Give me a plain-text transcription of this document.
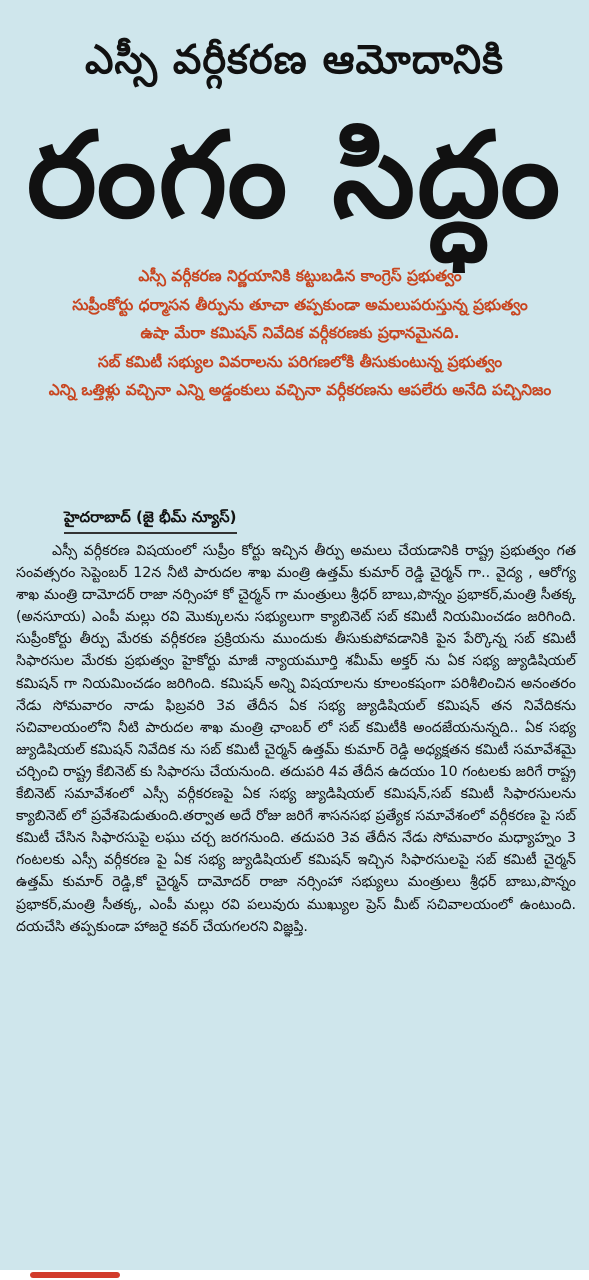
ఎస్సీ వర్గీకరణ ఆమోదానికి
రంగం సిద్ధం
ఎస్సీ వర్గీకరణ నిర్ణయానికి కట్టుబడిన కాంగ్రెస్ ప్రభుత్వం
సుప్రీంకోర్టు ధర్మాసన తీర్పును తూచా తప్పకుండా అమలుపరుస్తున్న ప్రభుత్వం
ఉషా మేరా కమిషన్ నివేదిక వర్గీకరణకు ప్రధానమైనది.
సబ్ కమిటీ సభ్యుల వివరాలను పరిగణలోకి తీసుకుంటున్న ప్రభుత్వం
ఎన్ని ఒత్తిళ్లు వచ్చినా ఎన్ని అడ్డంకులు వచ్చినా వర్గీకరణను ఆపలేరు అనేది పచ్చినిజం
హైదరాబాద్ (జై భీమ్ న్యూస్)
ఎస్సీ వర్గీకరణ విషయంలో సుప్రీం కోర్టు ఇచ్చిన తీర్పు అమలు చేయడానికి రాష్ట్ర ప్రభుత్వం గత సంవత్సరం సెప్టెంబర్ 12న నీటి పారుదల శాఖ మంత్రి ఉత్తమ్ కుమార్ రెడ్డి చైర్మన్ గా.. వైద్య , ఆరోగ్య శాఖ మంత్రి దామోదర్ రాజా నర్సింహా కో చైర్మన్ గా మంత్రులు శ్రీధర్ బాబు,పొన్నం ప్రభాకర్,మంత్రి సీతక్క (అనసూయ) ఎంపీ మల్లు రవి మొక్కులను సభ్యులుగా క్యాబినెట్ సబ్ కమిటీ నియమించడం జరిగింది. సుప్రీంకోర్టు తీర్పు మేరకు వర్గీకరణ ప్రక్రియను ముందుకు తీసుకుపోవడానికి పైన పేర్కొన్న సబ్ కమిటీ సిఫారసుల మేరకు ప్రభుత్వం హైకోర్టు మాజీ న్యాయమూర్తి శమీమ్ అక్తర్ ను ఏక సభ్య జ్యుడిషియల్ కమిషన్ గా నియమించడం జరిగింది. కమిషన్ అన్ని విషయాలను కూలంకషంగా పరిశీలించిన అనంతరం నేడు సోమవారం నాడు ఫిబ్రవరి 3వ తేదీన ఏక సభ్య జ్యుడిషియల్ కమిషన్ తన నివేదికను సచివాలయంలోని నీటి పారుదల శాఖ మంత్రి ఛాంబర్ లో సబ్ కమిటీకి అందజేయనున్నది.. ఏక సభ్య జ్యుడిషియల్ కమిషన్ నివేదిక ను సబ్ కమిటీ చైర్మన్ ఉత్తమ్ కుమార్ రెడ్డి అధ్యక్షతన కమిటీ సమావేశమై చర్చించి రాష్ట్ర కేబినెట్ కు సిఫారసు చేయనుంది. తదుపరి 4వ తేదీన ఉదయం 10 గంటలకు జరిగే రాష్ట్ర కేబినెట్ సమావేశంలో ఎస్సీ వర్గీకరణపై ఏక సభ్య జ్యుడిషియల్ కమిషన్,సబ్ కమిటీ సిఫారసులను క్యాబినెట్ లో ప్రవేశపెడుతుంది.తర్వాత అదే రోజు జరిగే శాసనసభ ప్రత్యేక సమావేశంలో వర్గీకరణ పై సబ్ కమిటీ చేసిన సిఫారసుపై లఘు చర్చ జరగనుంది. తదుపరి 3వ తేదీన నేడు సోమవారం మధ్యాహ్నం 3 గంటలకు ఎస్సీ వర్గీకరణ పై ఏక సభ్య జ్యుడిషియల్ కమిషన్ ఇచ్చిన సిఫారసులపై సబ్ కమిటీ చైర్మన్ ఉత్తమ్ కుమార్ రెడ్డి,కో చైర్మన్ దామోదర్ రాజా నర్సింహా సభ్యులు మంత్రులు శ్రీధర్ బాబు,పొన్నం ప్రభాకర్,మంత్రి సీతక్క, ఎంపీ మల్లు రవి పలువురు ముఖ్యుల ప్రెస్ మీట్ సచివాలయంలో ఉంటుంది. దయచేసి తప్పకుండా హాజరై కవర్ చేయగలరని విజ్ఞప్తి.
